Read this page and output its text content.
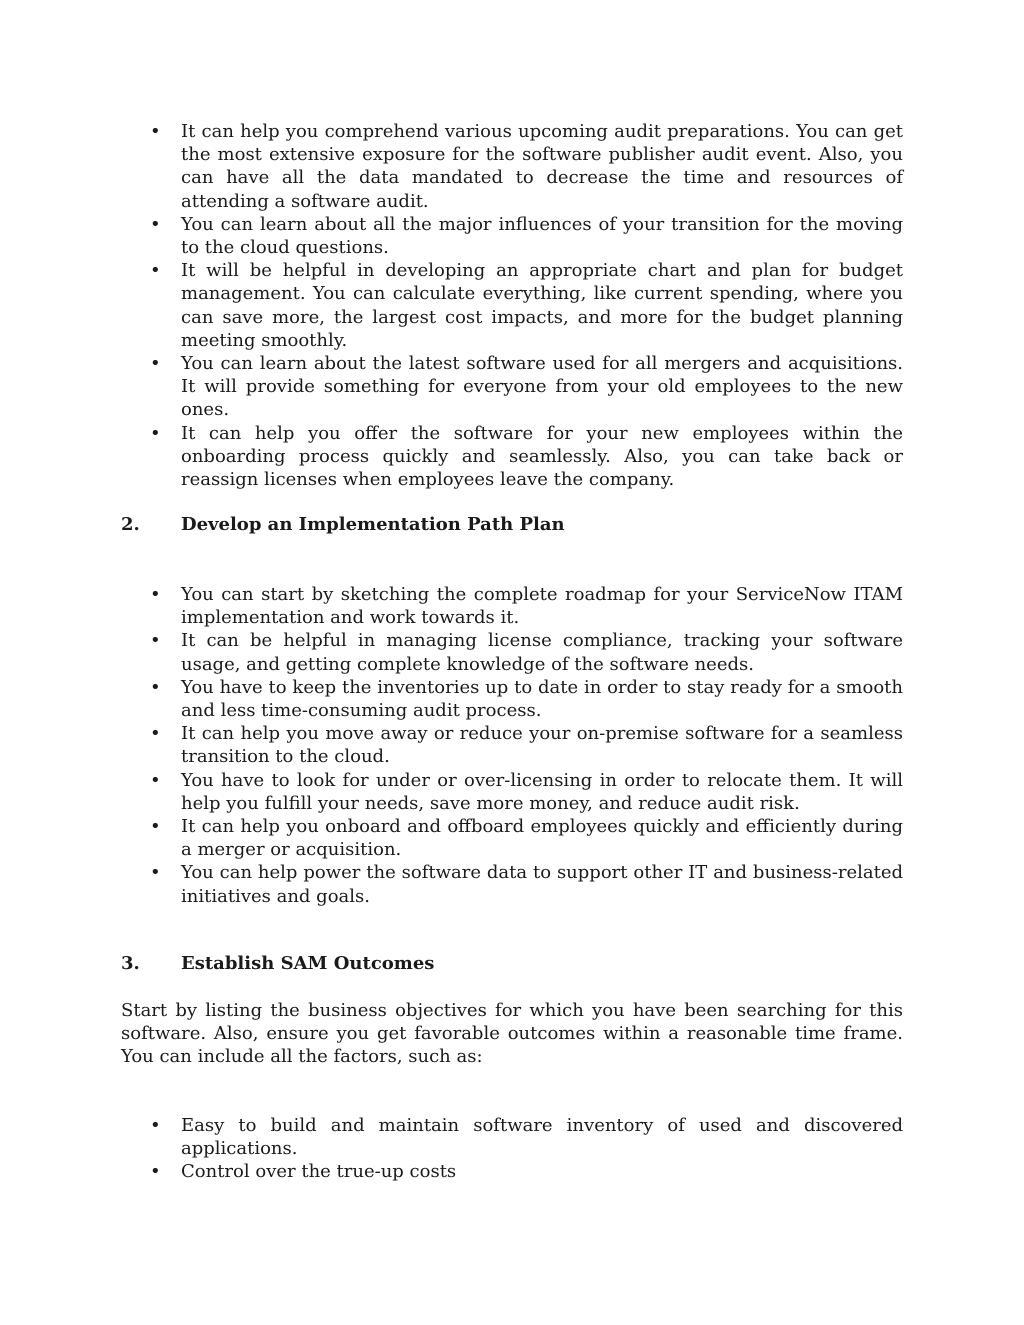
• It can help you comprehend various upcoming audit preparations. You can get the most extensive exposure for the software publisher audit event. Also, you can have all the data mandated to decrease the time and resources of attending a software audit.
• You can learn about all the major influences of your transition for the moving to the cloud questions.
• It will be helpful in developing an appropriate chart and plan for budget management. You can calculate everything, like current spending, where you can save more, the largest cost impacts, and more for the budget planning meeting smoothly.
• You can learn about the latest software used for all mergers and acquisitions. It will provide something for everyone from your old employees to the new ones.
• It can help you offer the software for your new employees within the onboarding process quickly and seamlessly. Also, you can take back or reassign licenses when employees leave the company.
2. Develop an Implementation Path Plan
• You can start by sketching the complete roadmap for your ServiceNow ITAM implementation and work towards it.
• It can be helpful in managing license compliance, tracking your software usage, and getting complete knowledge of the software needs.
• You have to keep the inventories up to date in order to stay ready for a smooth and less time-consuming audit process.
• It can help you move away or reduce your on-premise software for a seamless transition to the cloud.
• You have to look for under or over-licensing in order to relocate them. It will help you fulfill your needs, save more money, and reduce audit risk.
• It can help you onboard and offboard employees quickly and efficiently during a merger or acquisition.
• You can help power the software data to support other IT and business-related initiatives and goals.
3. Establish SAM Outcomes

Start by listing the business objectives for which you have been searching for this software. Also, ensure you get favorable outcomes within a reasonable time frame. You can include all the factors, such as:

• Easy to build and maintain software inventory of used and discovered applications.
• Control over the true-up costs
